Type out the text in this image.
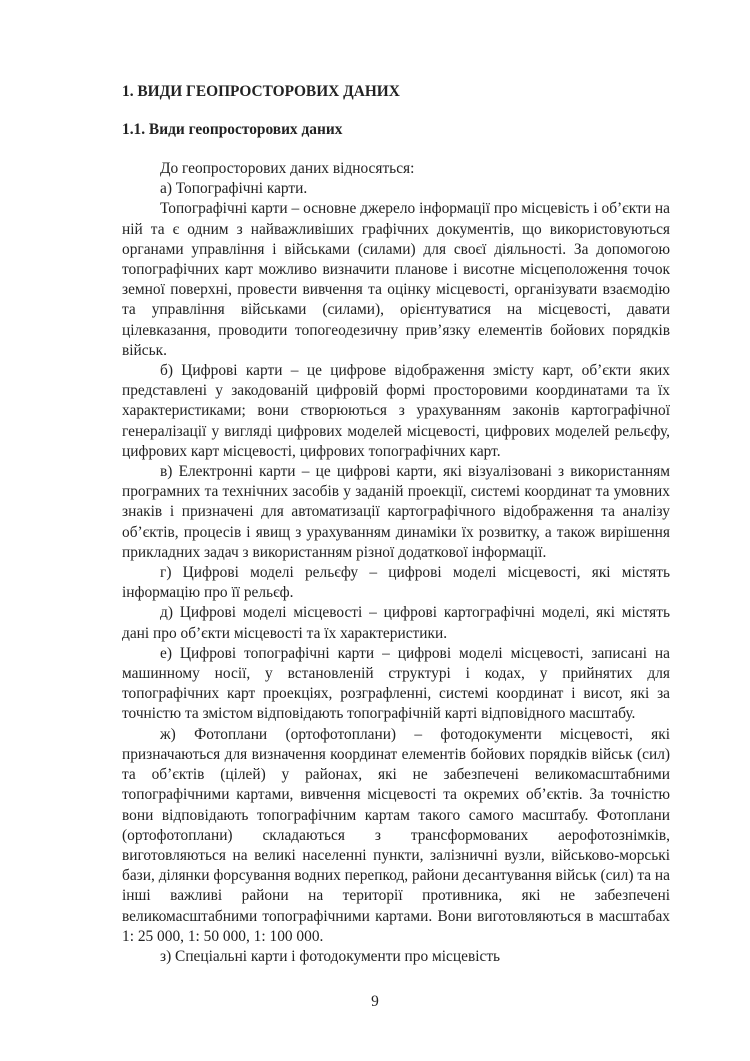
1. ВИДИ ГЕОПРОСТОРОВИХ ДАНИХ
1.1. Види геопросторових даних

До геопросторових даних відносяться:

а) Топографічні карти.

Топографічні карти – основне джерело інформації про місцевість і об’єкти на ній та є одним з найважливіших графічних документів, що використовуються органами управління і військами (силами) для своєї діяльності. За допомогою топографічних карт можливо визначити планове і висотне місцеположення точок земної поверхні, провести вивчення та оцінку місцевості, організувати взаємодію та управління військами (силами), орієнтуватися на місцевості, давати цілевказання, проводити топогеодезичну прив’язку елементів бойових порядків військ.

б) Цифрові карти – це цифрове відображення змісту карт, об’єкти яких представлені у закодованій цифровій формі просторовими координатами та їх характеристиками; вони створюються з урахуванням законів картографічної генералізації у вигляді цифрових моделей місцевості, цифрових моделей рельєфу, цифрових карт місцевості, цифрових топографічних карт.

в) Електронні карти – це цифрові карти, які візуалізовані з використанням програмних та технічних засобів у заданій проекції, системі координат та умовних знаків і призначені для автоматизації картографічного відображення та аналізу об’єктів, процесів і явищ з урахуванням динаміки їх розвитку, а також вирішення прикладних задач з використанням різної додаткової інформації.

г) Цифрові моделі рельєфу – цифрові моделі місцевості, які містять інформацію про її рельєф.

д) Цифрові моделі місцевості – цифрові картографічні моделі, які містять дані про об’єкти місцевості та їх характеристики.

е) Цифрові топографічні карти – цифрові моделі місцевості, записані на машинному носії, у встановленій структурі і кодах, у прийнятих для топографічних карт проекціях, розграфленні, системі координат і висот, які за точністю та змістом відповідають топографічній карті відповідного масштабу.

ж) Фотоплани (ортофотоплани) – фотодокументи місцевості, які призначаються для визначення координат елементів бойових порядків військ (сил) та об’єктів (цілей) у районах, які не забезпечені великомасштабними топографічними картами, вивчення місцевості та окремих об’єктів. За точністю вони відповідають топографічним картам такого самого масштабу. Фотоплани (ортофотоплани) складаються з трансформованих аерофотознімків, виготовляються на великі населенні пункти, залізничні вузли, військово-морські бази, ділянки форсування водних перепкод, райони десантування військ (сил) та на інші важливі райони на території противника, які не забезпечені великомасштабними топографічними картами. Вони виготовляються в масштабах 1: 25 000, 1: 50 000, 1: 100 000.

з) Спеціальні карти і фотодокументи про місцевість

9
